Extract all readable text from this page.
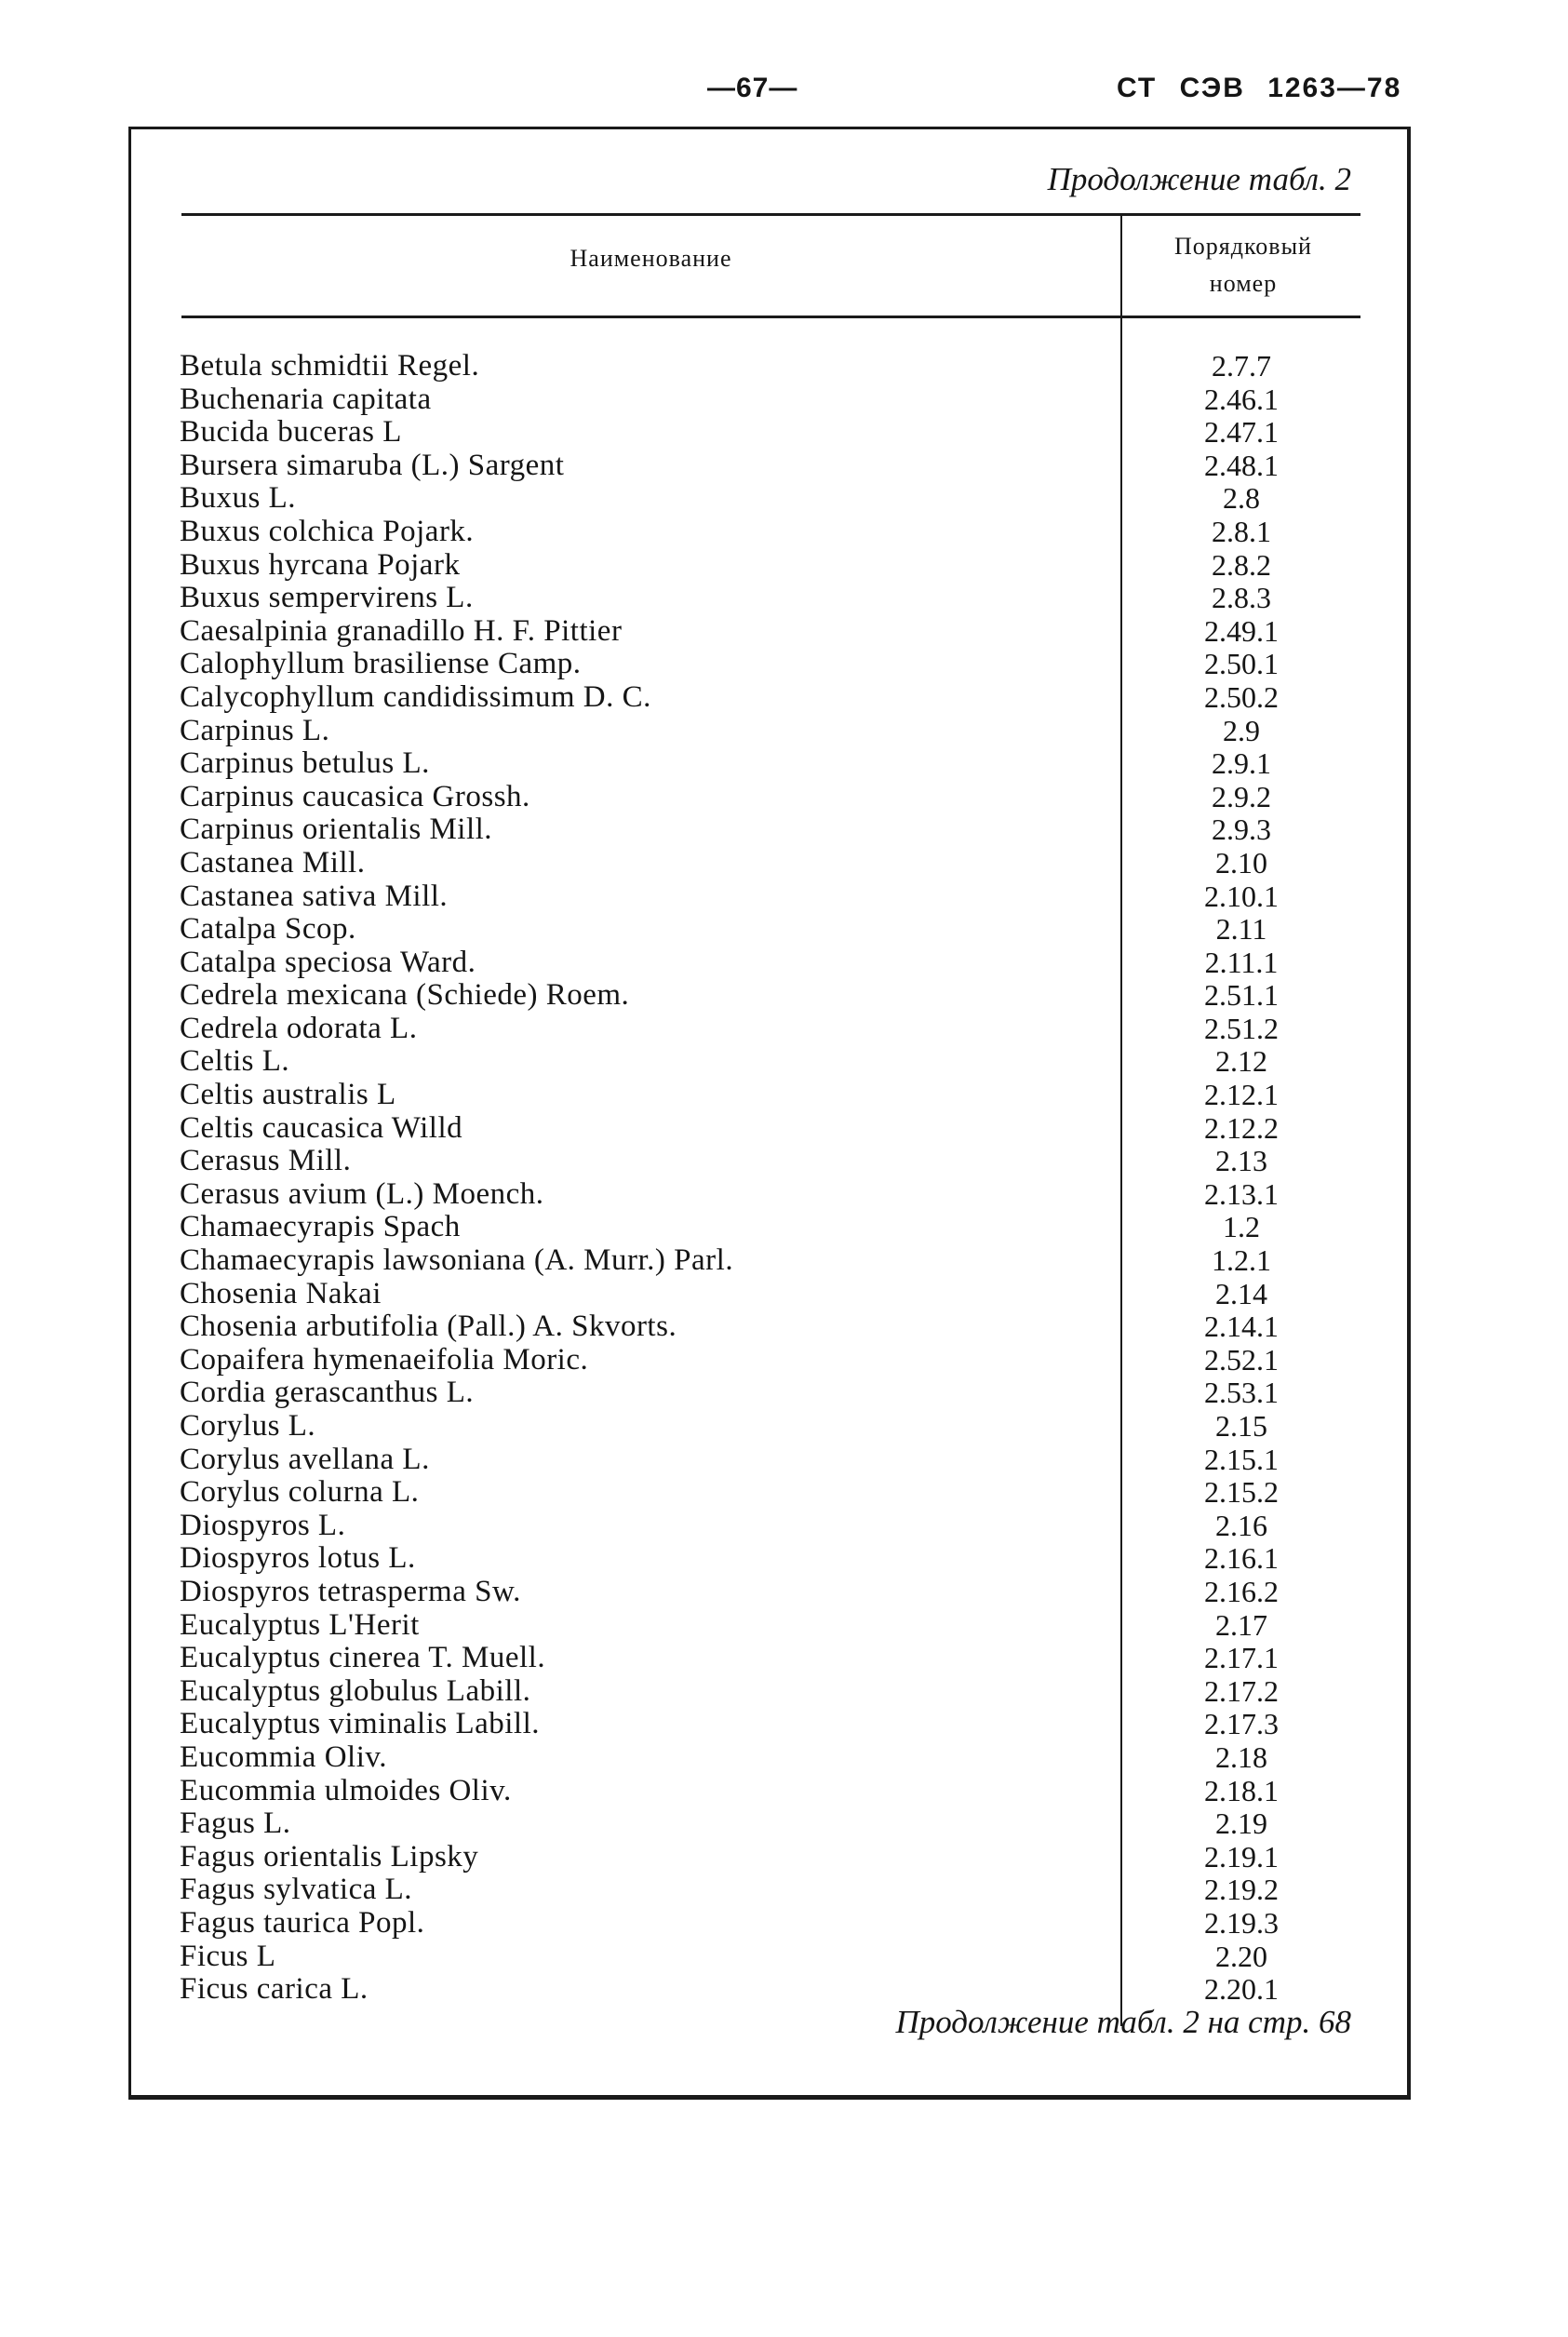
—67—	СТ СЭВ 1263—78
Продолжение табл. 2
Наименование	Порядковый
номер
Betula schmidtii Regel.	2.7.7
Buchenaria capitata	2.46.1
Bucida buceras L	2.47.1
Bursera simaruba (L.) Sargent	2.48.1
Buxus L.	2.8
Buxus colchica Pojark.	2.8.1
Buxus hyrcana Pojark	2.8.2
Buxus sempervirens L.	2.8.3
Caesalpinia granadillo H. F. Pittier	2.49.1
Calophyllum brasiliense Camp.	2.50.1
Calycophyllum candidissimum D. C.	2.50.2
Carpinus L.	2.9
Carpinus betulus L.	2.9.1
Carpinus caucasica Grossh.	2.9.2
Carpinus orientalis Mill.	2.9.3
Castanea Mill.	2.10
Castanea sativa Mill.	2.10.1
Catalpa Scop.	2.11
Catalpa speciosa Ward.	2.11.1
Cedrela mexicana (Schiede) Roem.	2.51.1
Cedrela odorata L.	2.51.2
Celtis L.	2.12
Celtis australis L	2.12.1
Celtis caucasica Willd	2.12.2
Cerasus Mill.	2.13
Cerasus avium (L.) Moench.	2.13.1
Chamaecyrapis Spach	1.2
Chamaecyrapis lawsoniana (A. Murr.) Parl.	1.2.1
Chosenia Nakai	2.14
Chosenia arbutifolia (Pall.) A. Skvorts.	2.14.1
Copaifera hymenaeifolia Moric.	2.52.1
Cordia gerascanthus L.	2.53.1
Corylus L.	2.15
Corylus avellana L.	2.15.1
Corylus colurna L.	2.15.2
Diospyros L.	2.16
Diospyros lotus L.	2.16.1
Diospyros tetrasperma Sw.	2.16.2
Eucalyptus L'Herit	2.17
Eucalyptus cinerea T. Muell.	2.17.1
Eucalyptus globulus Labill.	2.17.2
Eucalyptus viminalis Labill.	2.17.3
Eucommia Oliv.	2.18
Eucommia ulmoides Oliv.	2.18.1
Fagus L.	2.19
Fagus orientalis Lipsky	2.19.1
Fagus sylvatica L.	2.19.2
Fagus taurica Popl.	2.19.3
Ficus L	2.20
Ficus carica L.	2.20.1
Продолжение табл. 2 на стр. 68
